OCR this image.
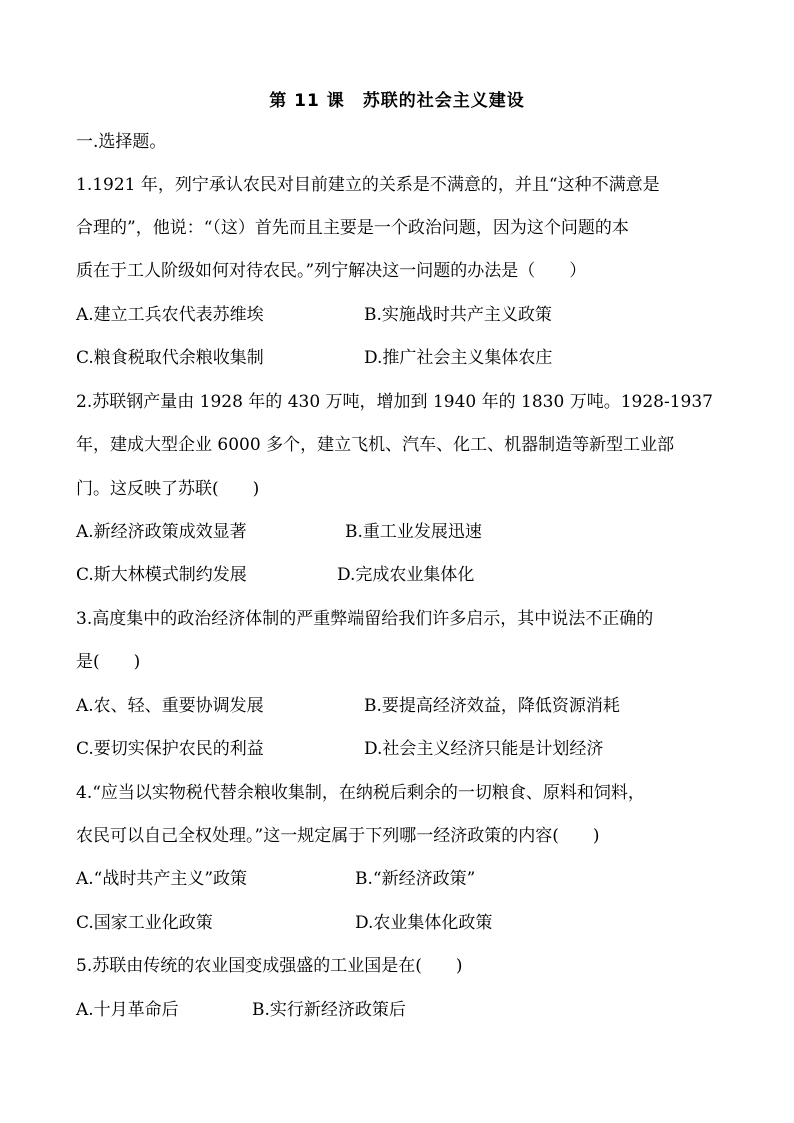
第 11 课　苏联的社会主义建设
一.选择题。
1.1921 年，列宁承认农民对目前建立的关系是不满意的，并且“这种不满意是
合理的”，他说：“（这）首先而且主要是一个政治问题，因为这个问题的本
质在于工人阶级如何对待农民。”列宁解决这一问题的办法是（　　）
A.建立工兵农代表苏维埃	B.实施战时共产主义政策
C.粮食税取代余粮收集制	D.推广社会主义集体农庄
2.苏联钢产量由 1928 年的 430 万吨，增加到 1940 年的 1830 万吨。1928-1937
年，建成大型企业 6000 多个，建立飞机、汽车、化工、机器制造等新型工业部
门。这反映了苏联(　　)
A.新经济政策成效显著	B.重工业发展迅速
C.斯大林模式制约发展	D.完成农业集体化
3.高度集中的政治经济体制的严重弊端留给我们许多启示，其中说法不正确的
是(　　)
A.农、轻、重要协调发展	B.要提高经济效益，降低资源消耗
C.要切实保护农民的利益	D.社会主义经济只能是计划经济
4.“应当以实物税代替余粮收集制，在纳税后剩余的一切粮食、原料和饲料，
农民可以自己全权处理。”这一规定属于下列哪一经济政策的内容(　　)
A.“战时共产主义”政策	B.“新经济政策”
C.国家工业化政策	D.农业集体化政策
5.苏联由传统的农业国变成强盛的工业国是在(　　)
A.十月革命后	B.实行新经济政策后
